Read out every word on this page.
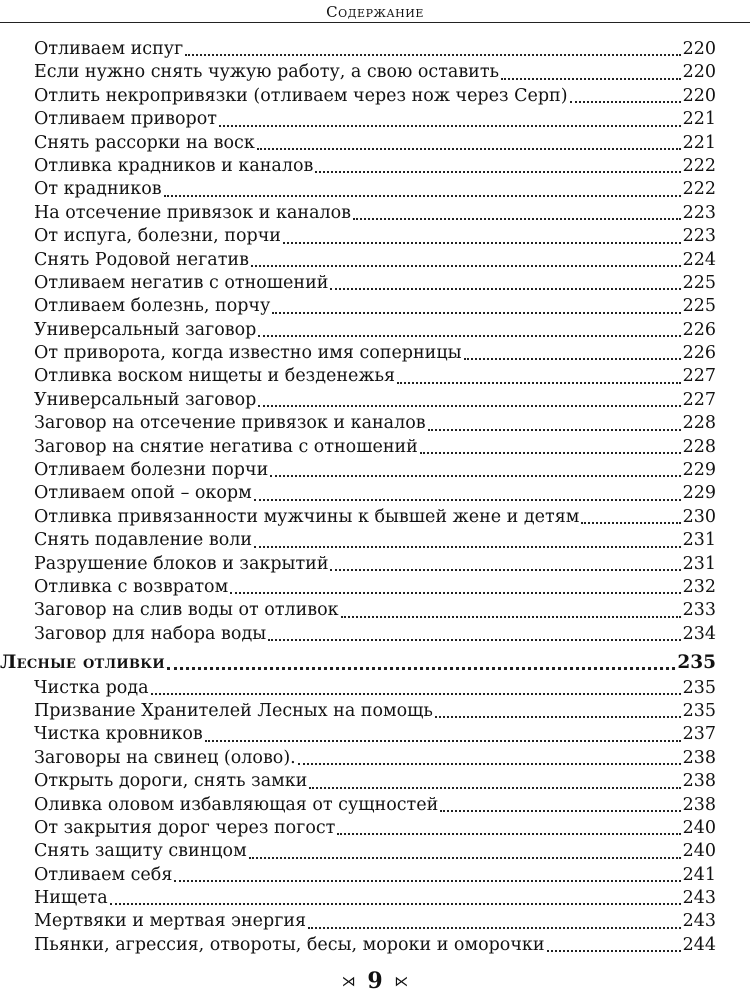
Содержание
Отливаем испуг	220
Если нужно снять чужую работу, а свою оставить	220
Отлить некропривязки (отливаем через нож через Серп)	220
Отливаем приворот	221
Снять рассорки на воск	221
Отливка крадников и каналов	222
От крадников	222
На отсечение привязок и каналов	223
От испуга, болезни, порчи	223
Снять Родовой негатив	224
Отливаем негатив с отношений	225
Отливаем болезнь, порчу	225
Универсальный заговор	226
От приворота, когда известно имя соперницы	226
Отливка воском нищеты и безденежья	227
Универсальный заговор	227
Заговор на отсечение привязок и каналов	228
Заговор на снятие негатива с отношений	228
Отливаем болезни порчи	229
Отливаем опой – окорм	229
Отливка привязанности мужчины к бывшей жене и детям	230
Снять подавление воли	231
Разрушение блоков и закрытий	231
Отливка с возвратом	232
Заговор на слив воды от отливок	233
Заговор для набора воды	234
Лесные отливки	235
Чистка рода	235
Призвание Хранителей Лесных на помощь	235
Чистка кровников	237
Заговоры на свинец (олово).	238
Открыть дороги, снять замки	238
Оливка оловом избавляющая от сущностей	238
От закрытия дорог через погост	240
Снять защиту свинцом	240
Отливаем себя	241
Нищета	243
Мертвяки и мертвая энергия	243
Пьянки, агрессия, отвороты, бесы, мороки и оморочки	244
⋊ 9 ⋉
